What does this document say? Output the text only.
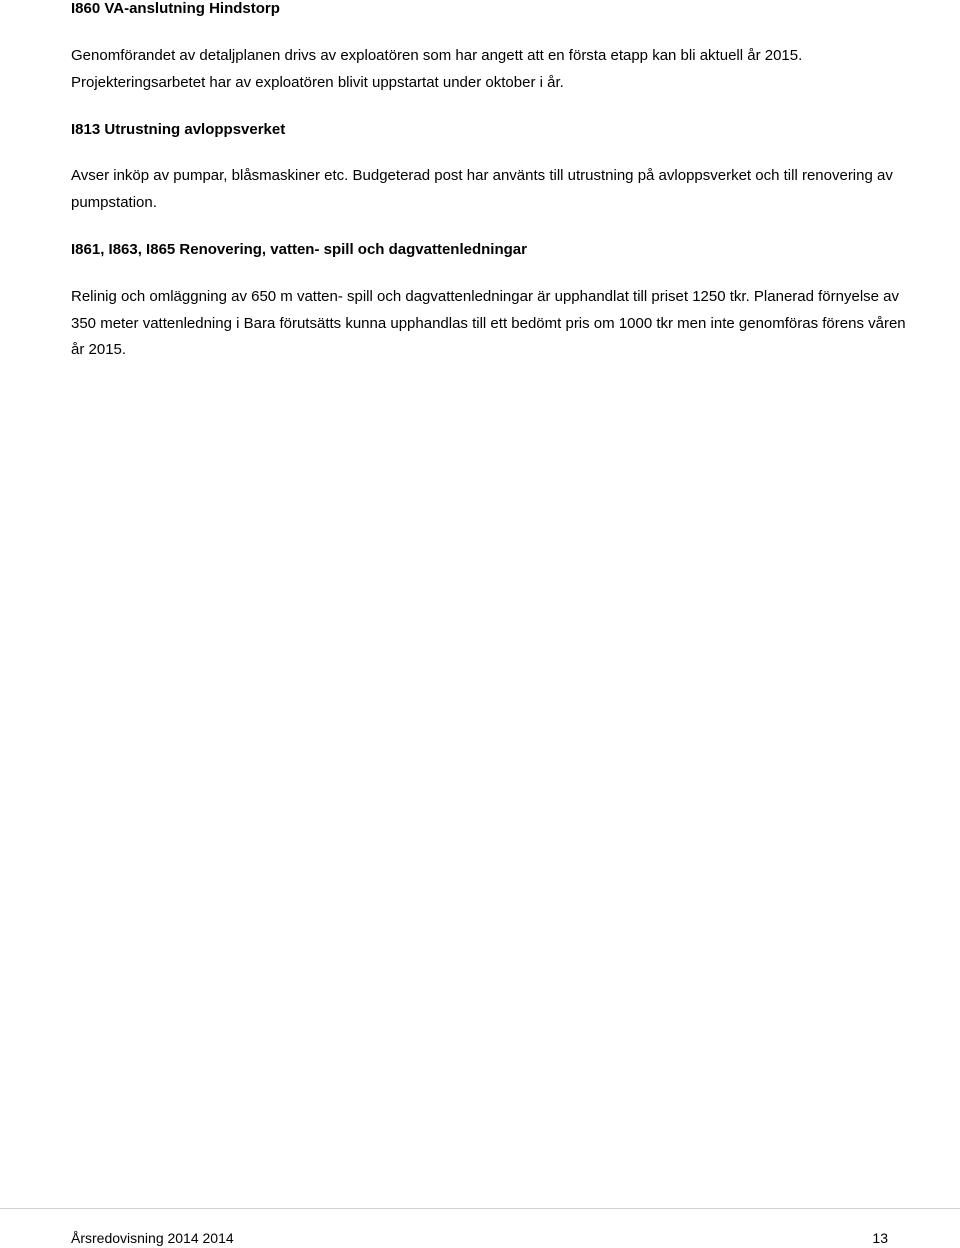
I860 VA-anslutning Hindstorp

Genomförandet av detaljplanen drivs av exploatören som har angett att en första etapp kan bli aktuell år 2015. Projekteringsarbetet har av exploatören blivit uppstartat under oktober i år.

I813 Utrustning avloppsverket

Avser inköp av pumpar, blåsmaskiner etc. Budgeterad post har använts till utrustning på avloppsverket och till renovering av pumpstation.

I861, I863, I865 Renovering, vatten- spill och dagvattenledningar

Relinig och omläggning av 650 m vatten- spill och dagvattenledningar är upphandlat till priset 1250 tkr. Planerad förnyelse av 350 meter vattenledning i Bara förutsätts kunna upphandlas till ett bedömt pris om 1000 tkr men inte genomföras förens våren år 2015.

Årsredovisning 2014 2014	13
